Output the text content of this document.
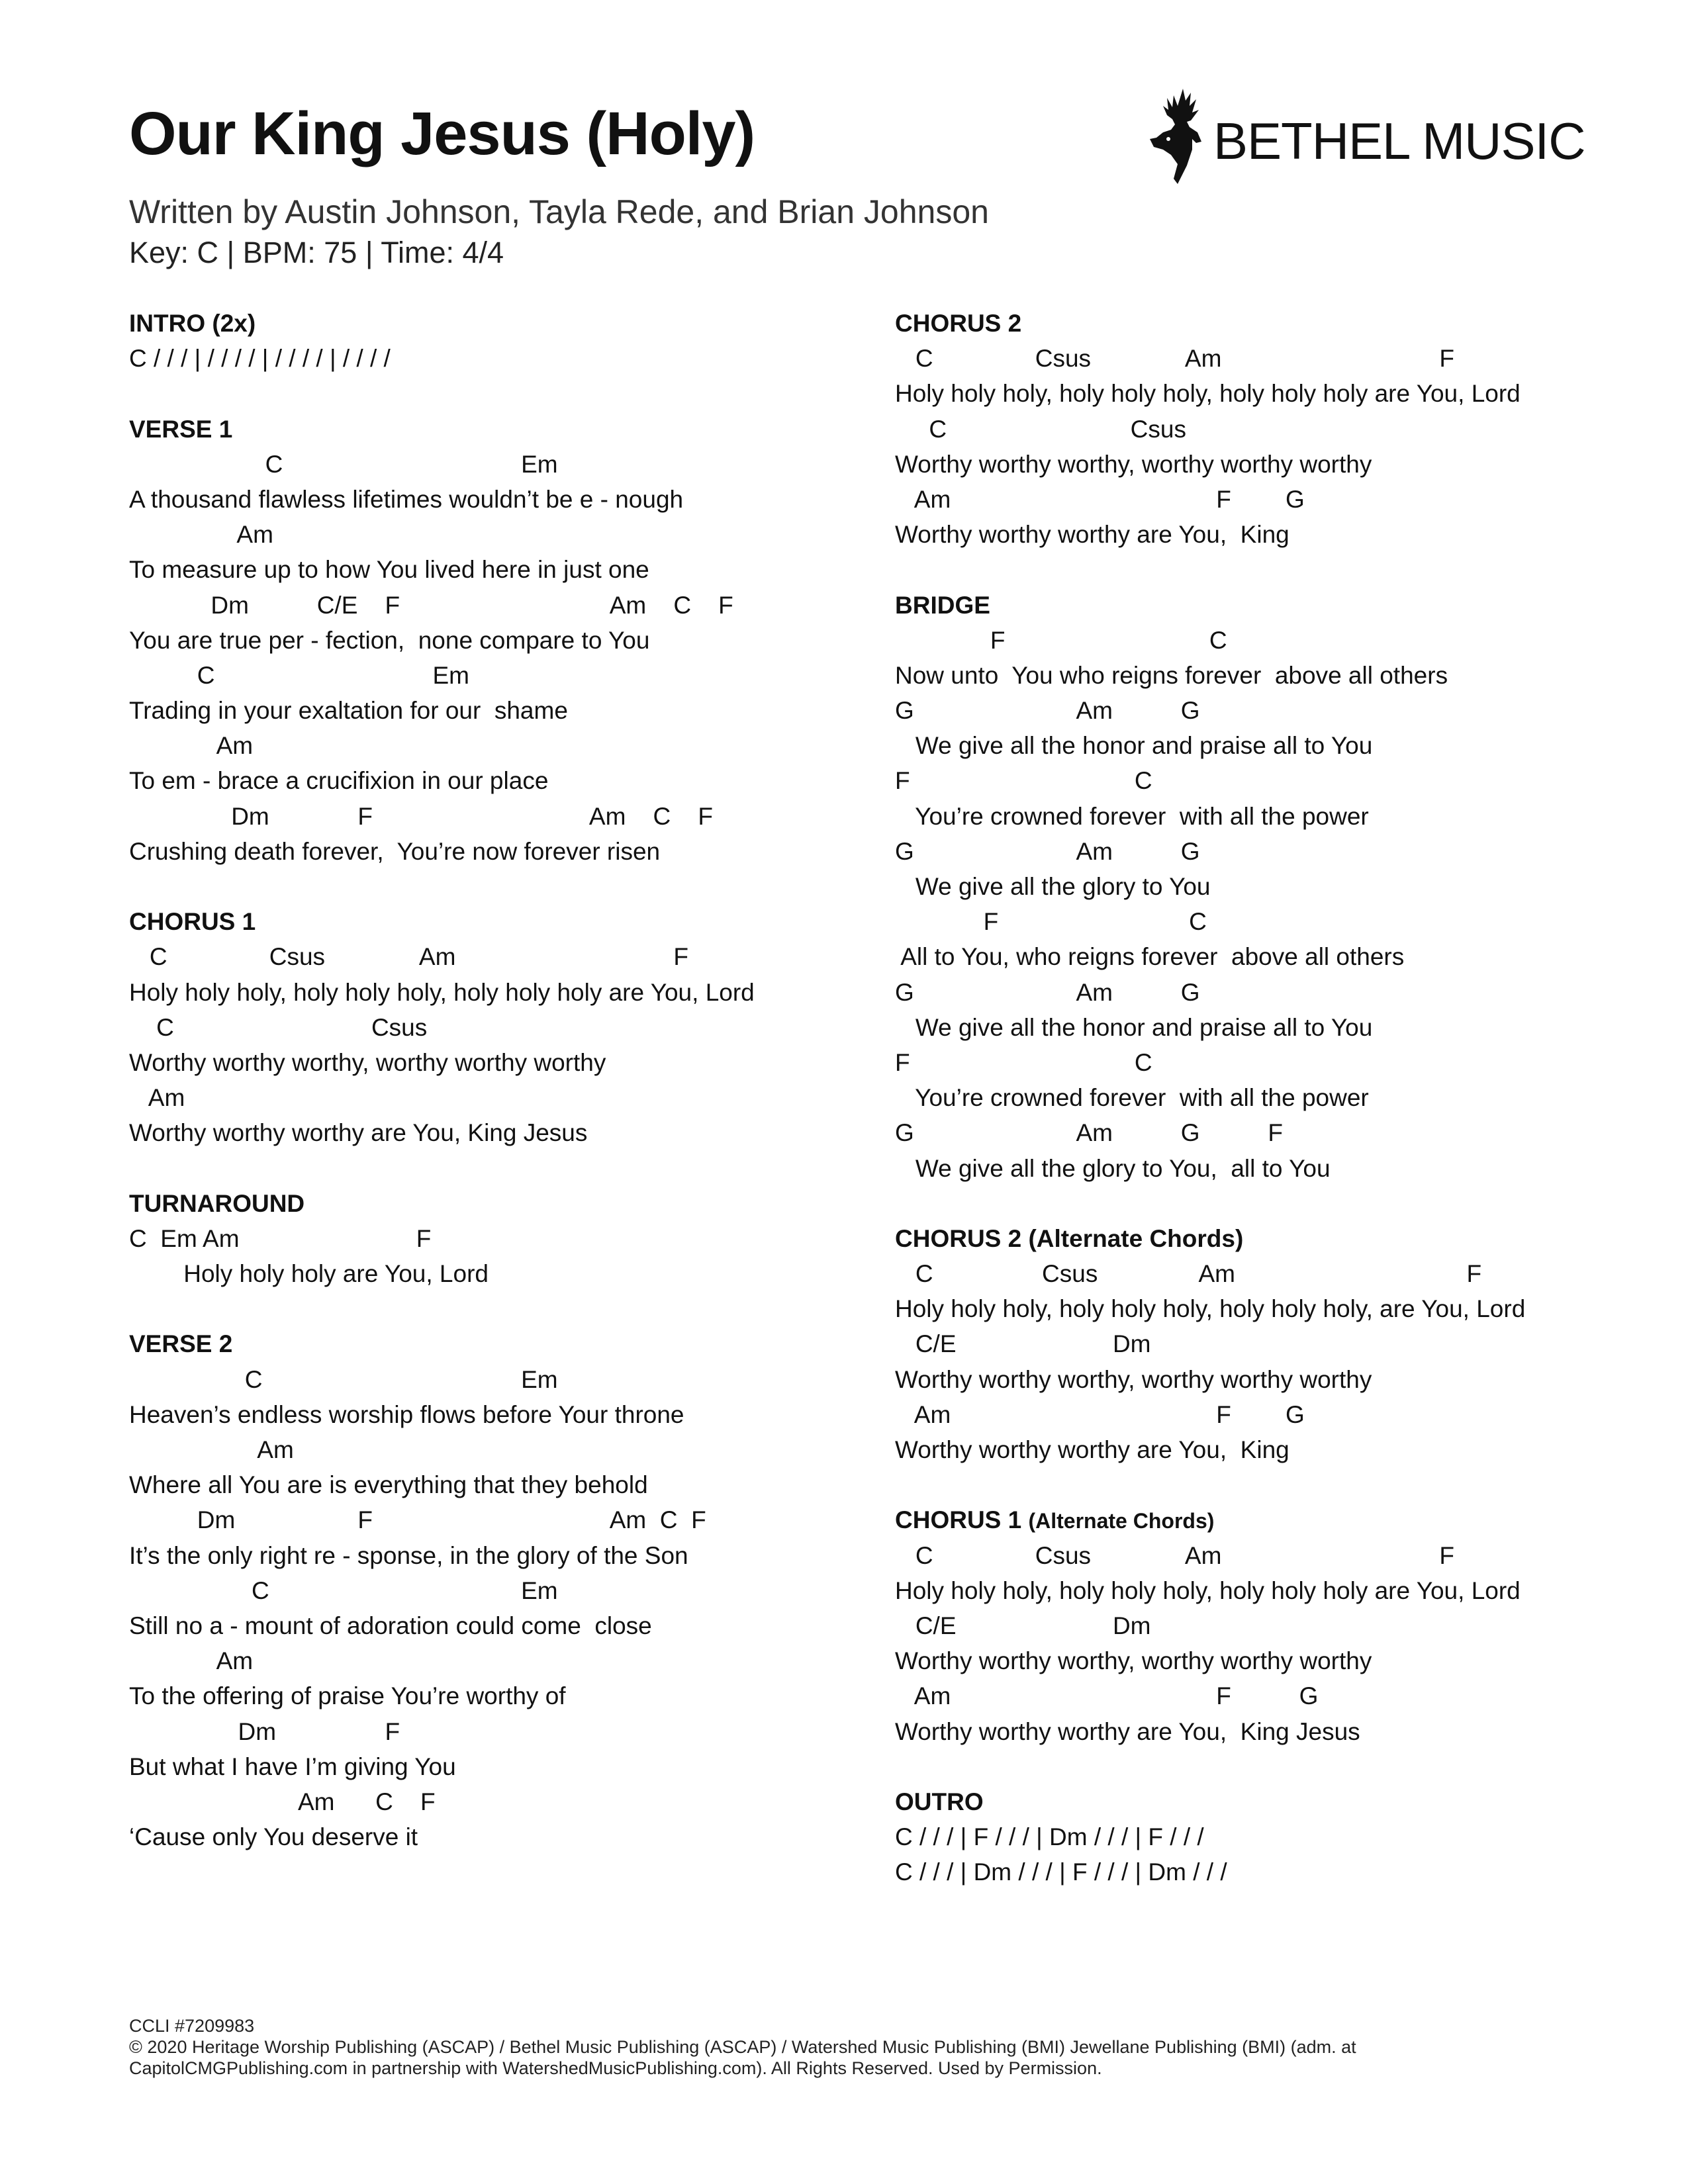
Our King Jesus (Holy)
Written by Austin Johnson, Tayla Rede, and Brian Johnson
Key: C | BPM: 75 | Time: 4/4
BETHEL MUSIC
INTRO (2x)
C / / / | / / / / | / / / / | / / / /
VERSE 1
C                                   Em
A thousand flawless lifetimes wouldn’t be e - nough
Am
To measure up to how You lived here in just one
Dm          C/E    F                               Am    C    F
You are true per - fection,  none compare to You
C                                Em
Trading in your exaltation for our  shame
Am
To em - brace a crucifixion in our place
Dm             F                                Am    C    F
Crushing death forever,  You’re now forever risen
CHORUS 1
C               Csus              Am                                F
Holy holy holy, holy holy holy, holy holy holy are You, Lord
C                             Csus
Worthy worthy worthy, worthy worthy worthy
Am
Worthy worthy worthy are You, King Jesus
TURNAROUND
C  Em Am                          F
Holy holy holy are You, Lord
VERSE 2
C                                      Em
Heaven’s endless worship flows before Your throne
Am
Where all You are is everything that they behold
Dm                  F                                   Am  C  F
It’s the only right re - sponse, in the glory of the Son
C                                     Em
Still no a - mount of adoration could come  close
Am
To the offering of praise You’re worthy of
Dm                F
But what I have I’m giving You
Am      C    F
‘Cause only You deserve it
CHORUS 2
C               Csus              Am                                F
Holy holy holy, holy holy holy, holy holy holy are You, Lord
C                           Csus
Worthy worthy worthy, worthy worthy worthy
Am                                       F        G
Worthy worthy worthy are You,  King
BRIDGE
F                              C
Now unto  You who reigns forever  above all others
G                        Am          G
We give all the honor and praise all to You
F                                 C
You’re crowned forever  with all the power
G                        Am          G
We give all the glory to You
F                            C
All to You, who reigns forever  above all others
G                        Am          G
We give all the honor and praise all to You
F                                 C
You’re crowned forever  with all the power
G                        Am          G          F
We give all the glory to You,  all to You
CHORUS 2 (Alternate Chords)
C                Csus               Am                                  F
Holy holy holy, holy holy holy, holy holy holy, are You, Lord
C/E                       Dm
Worthy worthy worthy, worthy worthy worthy
Am                                       F        G
Worthy worthy worthy are You,  King
CHORUS 1 (Alternate Chords)
C               Csus              Am                                F
Holy holy holy, holy holy holy, holy holy holy are You, Lord
C/E                       Dm
Worthy worthy worthy, worthy worthy worthy
Am                                       F          G
Worthy worthy worthy are You,  King Jesus
OUTRO
C / / / | F / / / | Dm / / / | F / / /
C / / / | Dm / / / | F / / / | Dm / / /
CCLI #7209983
© 2020 Heritage Worship Publishing (ASCAP) / Bethel Music Publishing (ASCAP) / Watershed Music Publishing (BMI) Jewellane Publishing (BMI) (adm. at
CapitolCMGPublishing.com in partnership with WatershedMusicPublishing.com). All Rights Reserved. Used by Permission.
